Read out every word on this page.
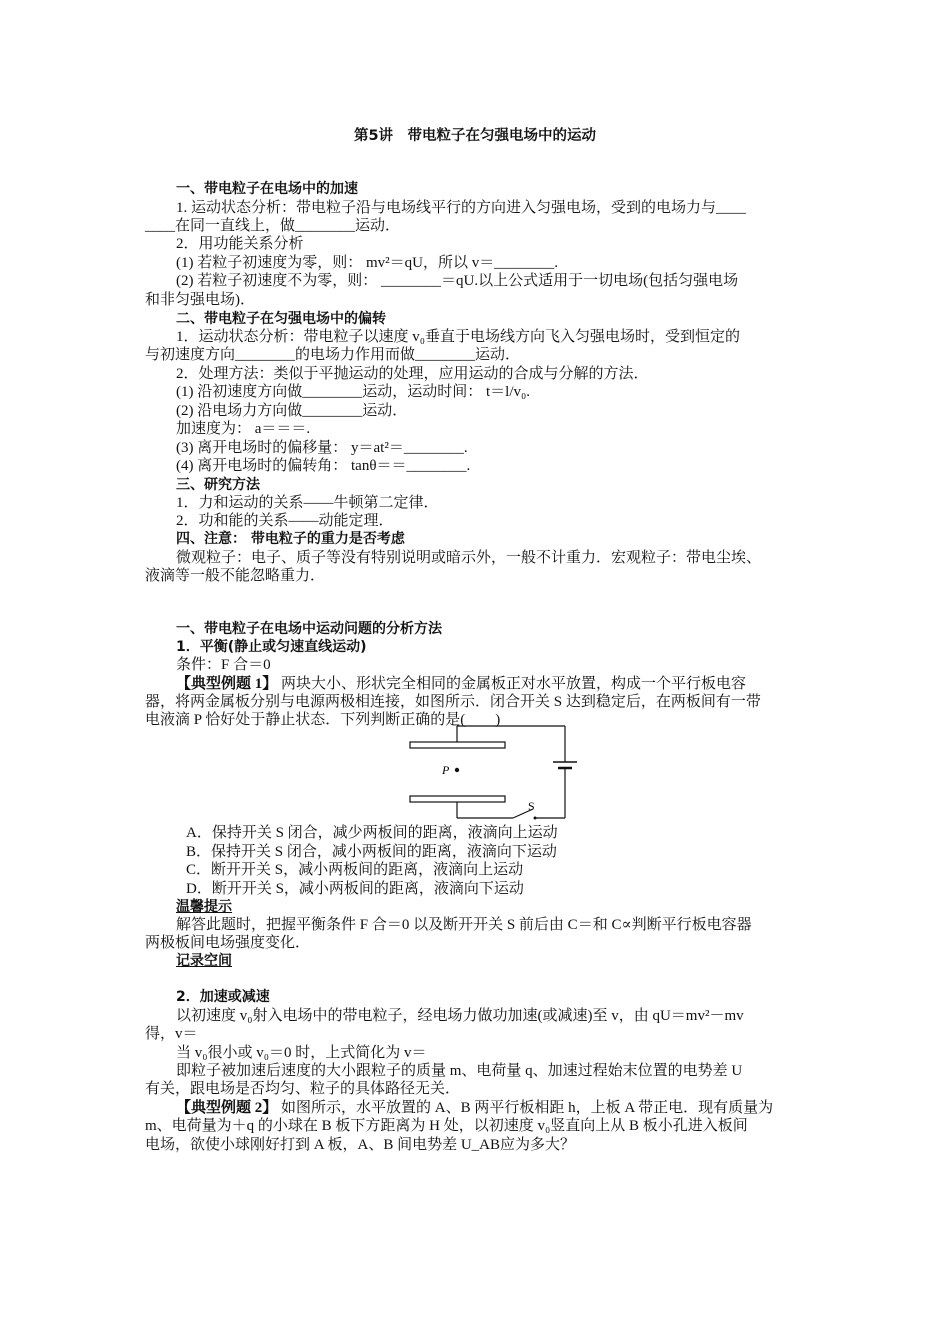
第5讲　带电粒子在匀强电场中的运动
一、带电粒子在电场中的加速
1. 运动状态分析：带电粒子沿与电场线平行的方向进入匀强电场，受到的电场力与____
____在同一直线上，做________运动．
2．用功能关系分析
(1) 若粒子初速度为零，则： mv²＝qU，所以 v＝________.
(2) 若粒子初速度不为零，则： ________＝qU.以上公式适用于一切电场(包括匀强电场
和非匀强电场)．
二、带电粒子在匀强电场中的偏转
1．运动状态分析：带电粒子以速度 v₀垂直于电场线方向飞入匀强电场时，受到恒定的
与初速度方向________的电场力作用而做________运动．
2．处理方法：类似于平抛运动的处理，应用运动的合成与分解的方法．
(1) 沿初速度方向做________运动，运动时间： t＝l/v₀.
(2) 沿电场力方向做________运动．
加速度为： a＝＝＝.
(3) 离开电场时的偏移量： y＝at²＝________.
(4) 离开电场时的偏转角： tanθ＝＝________.
三、研究方法
1．力和运动的关系——牛顿第二定律．
2．功和能的关系——动能定理．
四、注意： 带电粒子的重力是否考虑
微观粒子：电子、质子等没有特别说明或暗示外，一般不计重力．宏观粒子：带电尘埃、
液滴等一般不能忽略重力．
一、带电粒子在电场中运动问题的分析方法
1．平衡(静止或匀速直线运动)
条件：F 合＝0
【典型例题 1】 两块大小、形状完全相同的金属板正对水平放置，构成一个平行板电容
器，将两金属板分别与电源两极相连接，如图所示．闭合开关 S 达到稳定后，在两板间有一带
电液滴 P 恰好处于静止状态．下列判断正确的是(　　)
P
S
A．保持开关 S 闭合，减少两板间的距离，液滴向上运动
B．保持开关 S 闭合，减小两板间的距离，液滴向下运动
C．断开开关 S，减小两板间的距离，液滴向上运动
D．断开开关 S，减小两板间的距离，液滴向下运动
温馨提示
解答此题时，把握平衡条件 F 合＝0 以及断开开关 S 前后由 C＝和 C∝判断平行板电容器
两极板间电场强度变化．
记录空间
2．加速或减速
以初速度 v₀射入电场中的带电粒子，经电场力做功加速(或减速)至 v，由 qU＝mv²－mv
得，v＝
当 v₀很小或 v₀＝0 时，上式简化为 v＝
即粒子被加速后速度的大小跟粒子的质量 m、电荷量 q、加速过程始末位置的电势差 U
有关，跟电场是否均匀、粒子的具体路径无关．
【典型例题 2】 如图所示，水平放置的 A、B 两平行板相距 h，上板 A 带正电．现有质量为
m、电荷量为＋q 的小球在 B 板下方距离为 H 处，以初速度 v₀竖直向上从 B 板小孔进入板间
电场，欲使小球刚好打到 A 板，A、B 间电势差 U_AB应为多大？
